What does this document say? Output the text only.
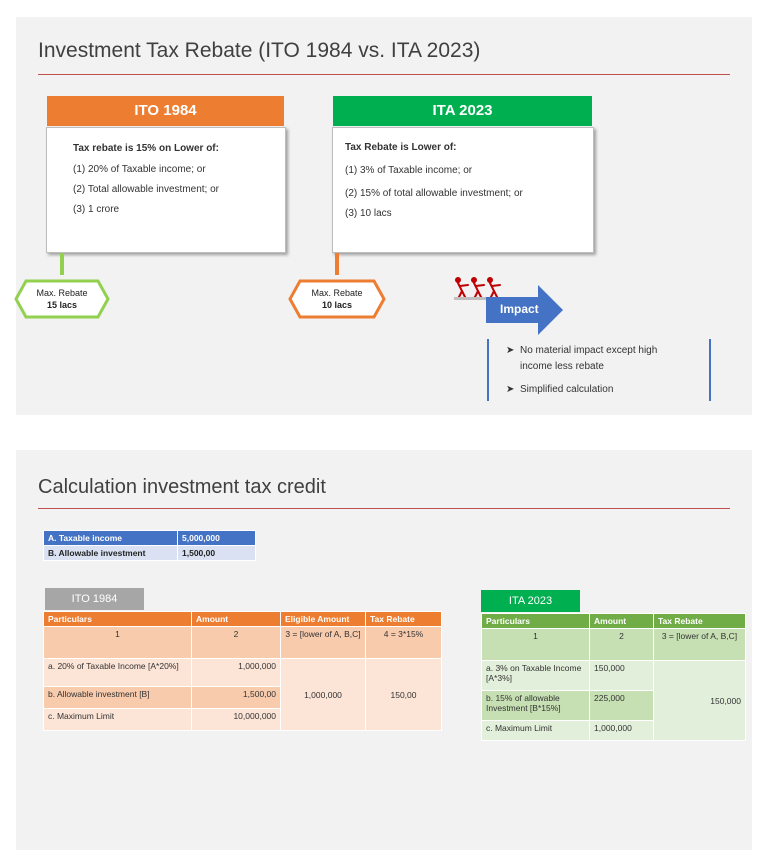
Investment Tax Rebate (ITO 1984 vs. ITA 2023)
ITO 1984
Tax rebate is 15% on Lower of:
(1) 20% of Taxable income; or
(2) Total allowable investment; or
(3) 1 crore
Max. Rebate
15 lacs
ITA 2023
Tax Rebate is Lower of:
(1) 3% of Taxable income; or
(2) 15% of total allowable investment; or
(3) 10 lacs
Max. Rebate
10 lacs	Impact
➤ No material impact except high
income less rebate
➤ Simplified calculation
Calculation investment tax credit
A. Taxable income	5,000,000
B. Allowable investment	1,500,00
ITO 1984
Particulars	Amount	Eligible Amount	Tax Rebate
1	2	3 = [lower of A, B,C]	4 = 3*15%
a. 20% of Taxable Income [A*20%]	1,000,000	1,000,000	150,00
b. Allowable investment [B]	1,500,00		
c. Maximum Limit	10,000,000		
ITA 2023
Particulars	Amount	Tax Rebate
1	2	3 = [lower of A, B,C]
a. 3% on Taxable Income [A*3%]	150,000	150,000
b. 15% of allowable Investment [B*15%]	225,000	
c. Maximum Limit	1,000,000	
